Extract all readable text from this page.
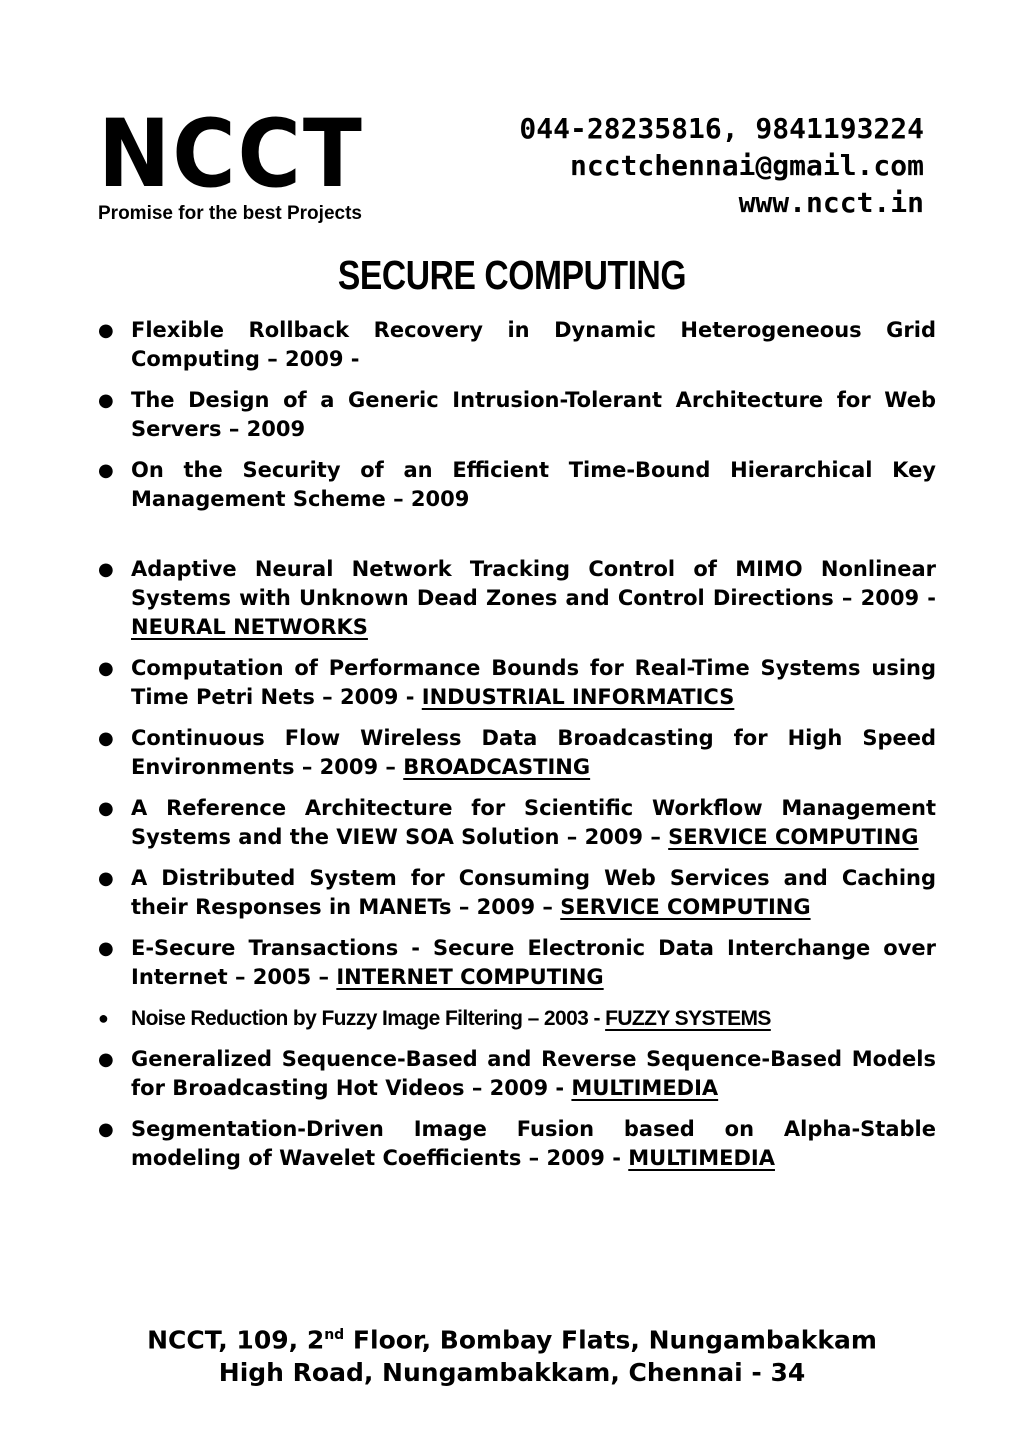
NCCT
Promise for the best Projects
044-28235816, 9841193224
ncctchennai@gmail.com
www.ncct.in
SECURE COMPUTING
● Flexible Rollback Recovery in Dynamic Heterogeneous Grid Computing – 2009 -
● The Design of a Generic Intrusion-Tolerant Architecture for Web Servers – 2009
● On the Security of an Efficient Time-Bound Hierarchical Key Management Scheme – 2009
● Adaptive Neural Network Tracking Control of MIMO Nonlinear Systems with Unknown Dead Zones and Control Directions – 2009 - NEURAL NETWORKS
● Computation of Performance Bounds for Real-Time Systems using Time Petri Nets – 2009 - INDUSTRIAL INFORMATICS
● Continuous Flow Wireless Data Broadcasting for High Speed Environments – 2009 – BROADCASTING
● A Reference Architecture for Scientific Workflow Management Systems and the VIEW SOA Solution – 2009 – SERVICE COMPUTING
● A Distributed System for Consuming Web Services and Caching their Responses in MANETs – 2009 – SERVICE COMPUTING
● E-Secure Transactions - Secure Electronic Data Interchange over Internet – 2005 – INTERNET COMPUTING
● Noise Reduction by Fuzzy Image Filtering – 2003 - FUZZY SYSTEMS
● Generalized Sequence-Based and Reverse Sequence-Based Models for Broadcasting Hot Videos – 2009 - MULTIMEDIA
● Segmentation-Driven Image Fusion based on Alpha-Stable modeling of Wavelet Coefficients – 2009 - MULTIMEDIA
NCCT, 109, 2nd Floor, Bombay Flats, Nungambakkam
High Road, Nungambakkam, Chennai - 34
